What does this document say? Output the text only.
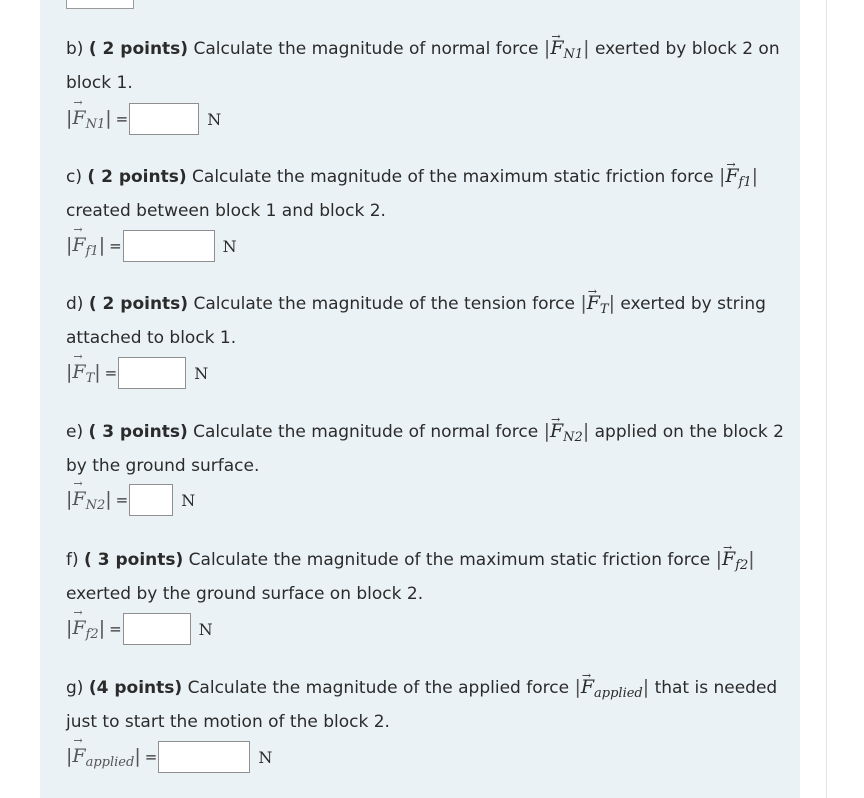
b) ( 2 points) Calculate the magnitude of normal force |→ $F_{N1}|$ exerted by block 2 on block 1.
|→ $F_{N1}|$ =	N
c) ( 2 points) Calculate the magnitude of the maximum static friction force |→ $F_{f1}|$ created between block 1 and block 2.
|→ $F_{f1}|$ =	N
d) ( 2 points) Calculate the magnitude of the tension force |→ $F_T|$ exerted by string attached to block 1.
|→ $F_T|$ =	N
e) ( 3 points) Calculate the magnitude of normal force |→ $F_{N2}|$ applied on the block 2 by the ground surface.
|→ $F_{N2}|$ =	N
f) ( 3 points) Calculate the magnitude of the maximum static friction force |→ $F_{f2}|$ exerted by the ground surface on block 2.
|→ $F_{f2}|$ =	N
g) (4 points) Calculate the magnitude of the applied force |→ $F_{applied}|$ that is needed just to start the motion of the block 2.
|→ $F_{applied}|$ =	N
